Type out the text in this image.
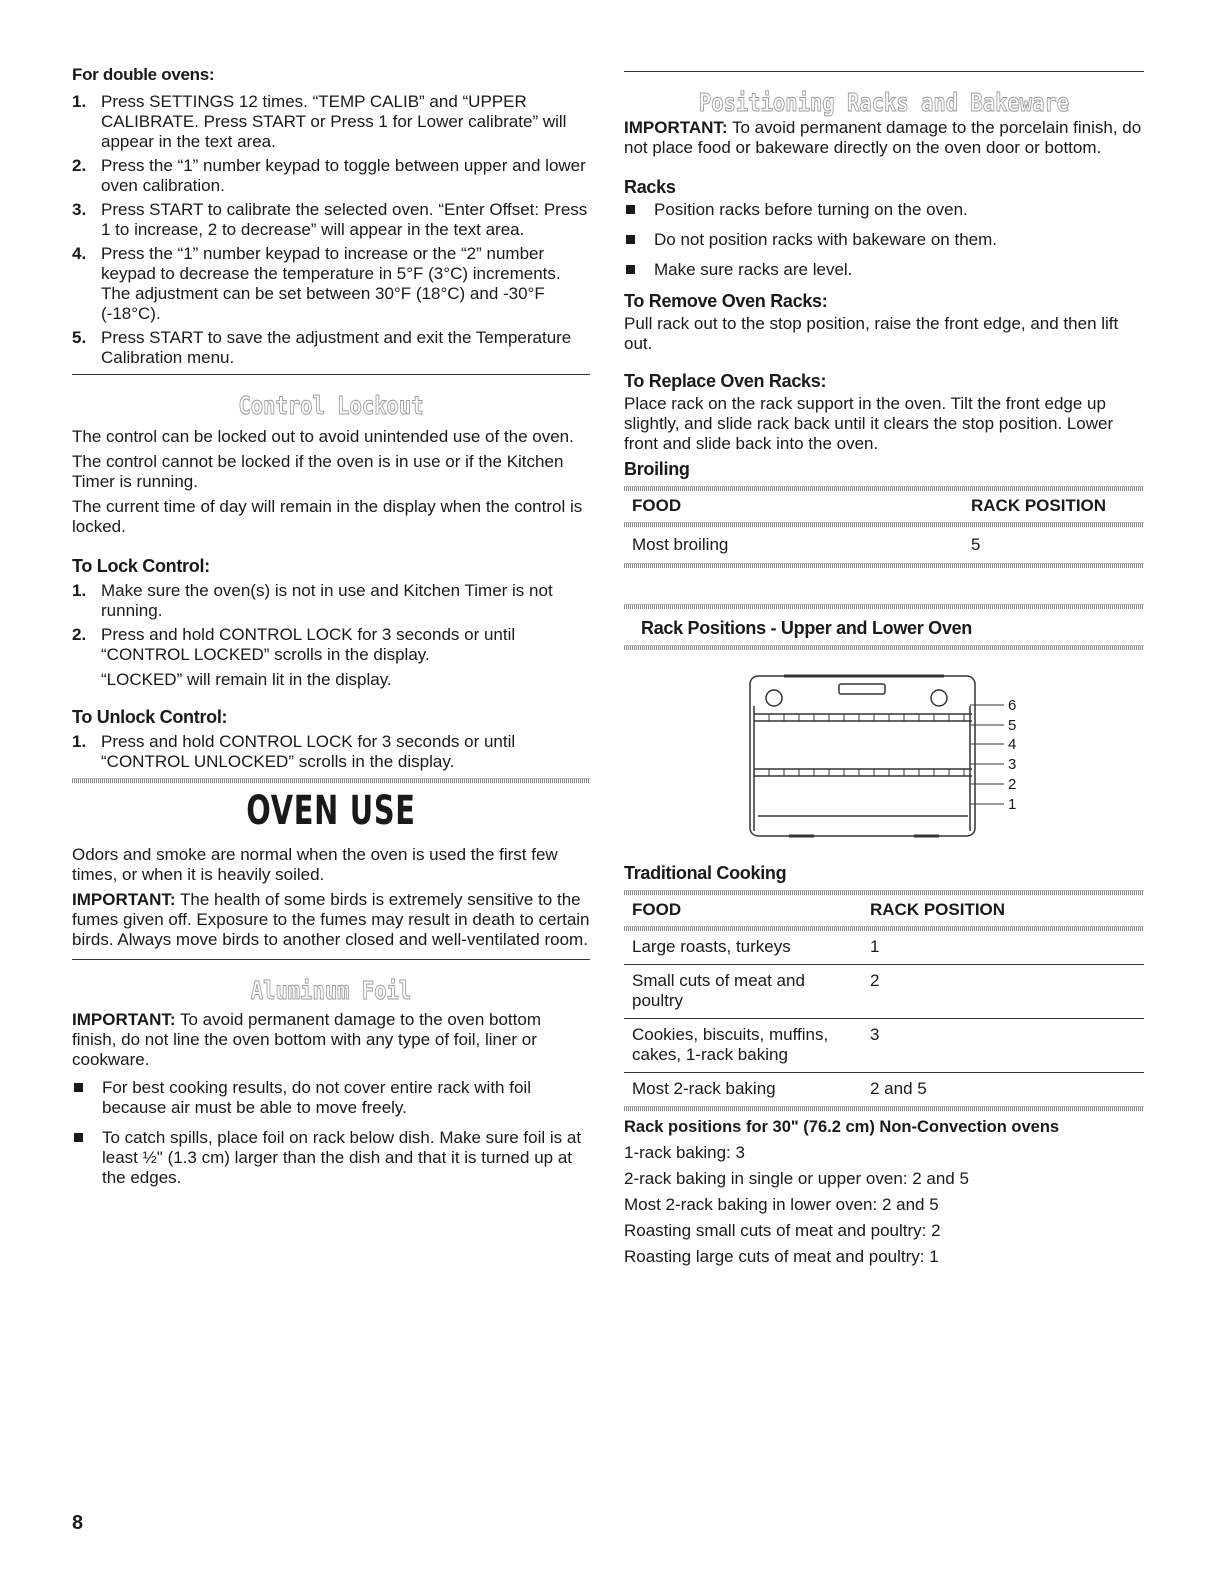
For double ovens:

1. Press SETTINGS 12 times. “TEMP CALIB” and “UPPER CALIBRATE. Press START or Press 1 for Lower calibrate” will appear in the text area.
2. Press the “1” number keypad to toggle between upper and lower oven calibration.
3. Press START to calibrate the selected oven. “Enter Offset: Press 1 to increase, 2 to decrease” will appear in the text area.
4. Press the “1” number keypad to increase or the “2” number keypad to decrease the temperature in 5°F (3°C) increments. The adjustment can be set between 30°F (18°C) and -30°F (-18°C).
5. Press START to save the adjustment and exit the Temperature Calibration menu.
Control Lockout

The control can be locked out to avoid unintended use of the oven.

The control cannot be locked if the oven is in use or if the Kitchen Timer is running.

The current time of day will remain in the display when the control is locked.

To Lock Control:

1. Make sure the oven(s) is not in use and Kitchen Timer is not running.
2. Press and hold CONTROL LOCK for 3 seconds or until “CONTROL LOCKED” scrolls in the display.
“LOCKED” will remain lit in the display.

To Unlock Control:

1. Press and hold CONTROL LOCK for 3 seconds or until “CONTROL UNLOCKED” scrolls in the display.
OVEN USE

Odors and smoke are normal when the oven is used the first few times, or when it is heavily soiled.

IMPORTANT: The health of some birds is extremely sensitive to the fumes given off. Exposure to the fumes may result in death to certain birds. Always move birds to another closed and well-ventilated room.

Aluminum Foil

IMPORTANT: To avoid permanent damage to the oven bottom finish, do not line the oven bottom with any type of foil, liner or cookware.

For best cooking results, do not cover entire rack with foil because air must be able to move freely.
To catch spills, place foil on rack below dish. Make sure foil is at least ½" (1.3 cm) larger than the dish and that it is turned up at the edges.
Positioning Racks and Bakeware

IMPORTANT: To avoid permanent damage to the porcelain finish, do not place food or bakeware directly on the oven door or bottom.

Racks

Position racks before turning on the oven.
Do not position racks with bakeware on them.
Make sure racks are level.

To Remove Oven Racks:

Pull rack out to the stop position, raise the front edge, and then lift out.

To Replace Oven Racks:

Place rack on the rack support in the oven. Tilt the front edge up slightly, and slide rack back until it clears the stop position. Lower front and slide back into the oven.

Broiling

FOOD	RACK POSITION

Most broiling	5

Rack Positions - Upper and Lower Oven

6
5
4
3
2
1

Traditional Cooking

FOOD	RACK POSITION

Large roasts, turkeys	1
Small cuts of meat and poultry	2
Cookies, biscuits, muffins, cakes, 1-rack baking	3
Most 2-rack baking	2 and 5

Rack positions for 30" (76.2 cm) Non-Convection ovens

1-rack baking: 3

2-rack baking in single or upper oven: 2 and 5

Most 2-rack baking in lower oven: 2 and 5

Roasting small cuts of meat and poultry: 2

Roasting large cuts of meat and poultry: 1

8
